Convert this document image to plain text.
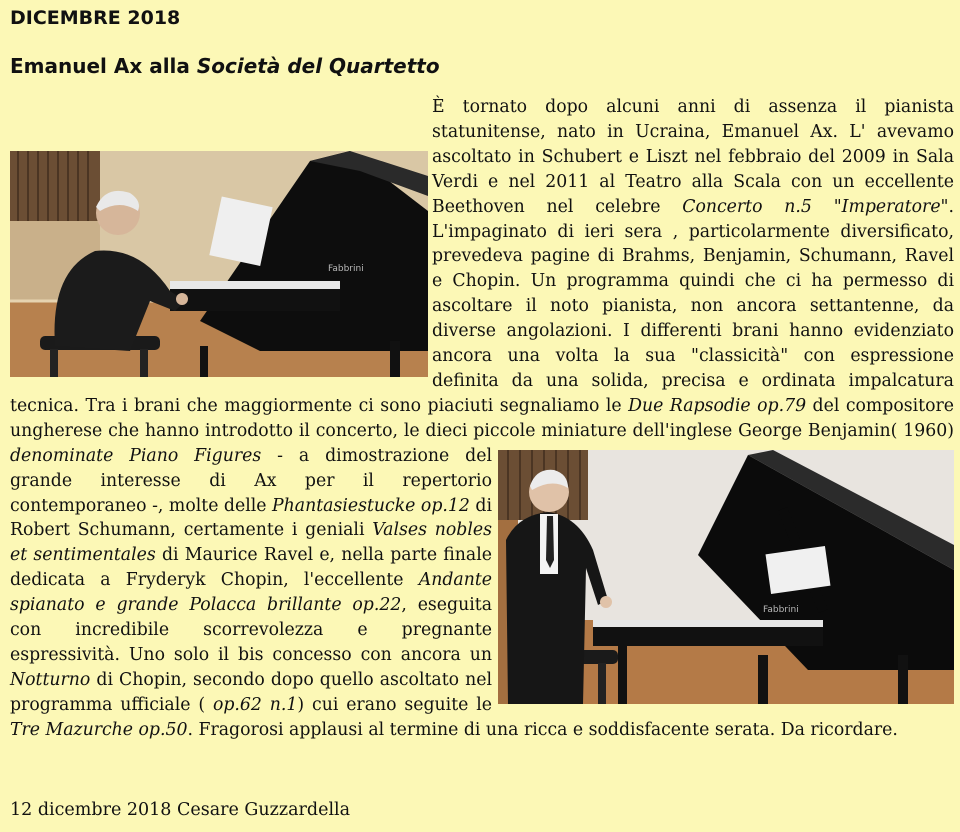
DICEMBRE 2018
Emanuel Ax alla Società del Quartetto
Fabbrini
È tornato dopo alcuni anni di assenza il pianista statunitense, nato in Ucraina, Emanuel Ax. L' avevamo ascoltato in Schubert e Liszt nel febbraio del 2009 in Sala Verdi e nel 2011 al Teatro alla Scala con un eccellente Beethoven nel celebre Concerto n.5 "Imperatore". L'impaginato di ieri sera , particolarmente diversificato, prevedeva pagine di Brahms, Benjamin, Schumann, Ravel e Chopin. Un programma quindi che ci ha permesso di ascoltare il noto pianista, non ancora settantenne, da diverse angolazioni. I differenti brani hanno evidenziato ancora una volta la sua "classicità" con espressione definita da una solida, precisa e ordinata impalcatura tecnica. Tra i brani che maggiormente ci sono piaciuti segnaliamo le Due Rapsodie op.79 del compositore ungherese che hanno introdotto il concerto, le dieci piccole miniature dell'inglese George Benjamin( 1960)
Fabbrini
denominate Piano Figures - a dimostrazione del grande interesse di Ax per il repertorio contemporaneo -, molte delle Phantasiestucke op.12 di Robert Schumann, certamente i geniali Valses nobles et sentimentales di Maurice Ravel e, nella parte finale dedicata a Fryderyk Chopin, l'eccellente Andante spianato e grande Polacca brillante op.22, eseguita con incredibile scorrevolezza e pregnante espressività. Uno solo il bis concesso con ancora un Notturno di Chopin, secondo dopo quello ascoltato nel programma ufficiale ( op.62 n.1) cui erano seguite le Tre Mazurche op.50. Fragorosi applausi al termine di una ricca e soddisfacente serata. Da ricordare.
12 dicembre 2018 Cesare Guzzardella
